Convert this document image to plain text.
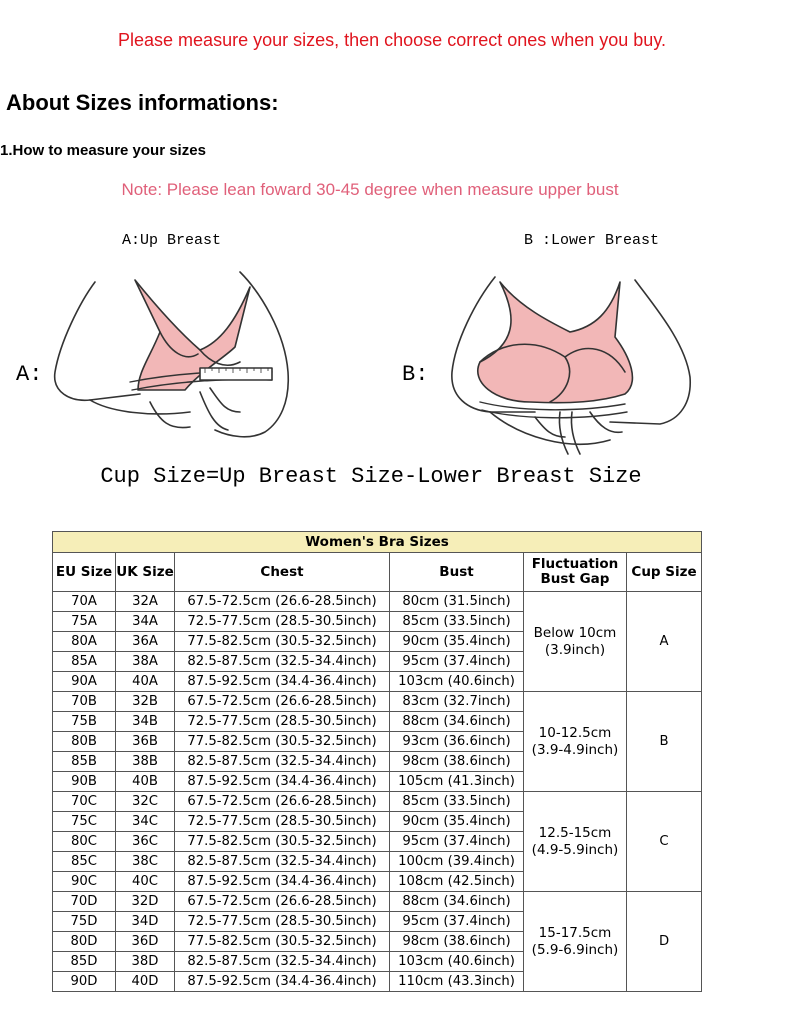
Please measure your sizes, then choose correct ones when you buy.
About Sizes informations:
1.How to measure your sizes
Note: Please lean foward 30-45 degree when measure upper bust
A:Up Breast	B :Lower Breast
A:	B:
Cup Size=Up Breast Size-Lower Breast Size
Women's Bra Sizes					
EU Size	UK Size	Chest	Bust	Fluctuation Bust Gap	Cup Size
70A	32A	67.5-72.5cm (26.6-28.5inch)	80cm (31.5inch)	Below 10cm (3.9inch)	A
75A	34A	72.5-77.5cm (28.5-30.5inch)	85cm (33.5inch)		
80A	36A	77.5-82.5cm (30.5-32.5inch)	90cm (35.4inch)		
85A	38A	82.5-87.5cm (32.5-34.4inch)	95cm (37.4inch)		
90A	40A	87.5-92.5cm (34.4-36.4inch)	103cm (40.6inch)		
70B	32B	67.5-72.5cm (26.6-28.5inch)	83cm (32.7inch)	10-12.5cm (3.9-4.9inch)	B
75B	34B	72.5-77.5cm (28.5-30.5inch)	88cm (34.6inch)		
80B	36B	77.5-82.5cm (30.5-32.5inch)	93cm (36.6inch)		
85B	38B	82.5-87.5cm (32.5-34.4inch)	98cm (38.6inch)		
90B	40B	87.5-92.5cm (34.4-36.4inch)	105cm (41.3inch)		
70C	32C	67.5-72.5cm (26.6-28.5inch)	85cm (33.5inch)	12.5-15cm (4.9-5.9inch)	C
75C	34C	72.5-77.5cm (28.5-30.5inch)	90cm (35.4inch)		
80C	36C	77.5-82.5cm (30.5-32.5inch)	95cm (37.4inch)		
85C	38C	82.5-87.5cm (32.5-34.4inch)	100cm (39.4inch)		
90C	40C	87.5-92.5cm (34.4-36.4inch)	108cm (42.5inch)		
70D	32D	67.5-72.5cm (26.6-28.5inch)	88cm (34.6inch)	15-17.5cm (5.9-6.9inch)	D
75D	34D	72.5-77.5cm (28.5-30.5inch)	95cm (37.4inch)		
80D	36D	77.5-82.5cm (30.5-32.5inch)	98cm (38.6inch)		
85D	38D	82.5-87.5cm (32.5-34.4inch)	103cm (40.6inch)		
90D	40D	87.5-92.5cm (34.4-36.4inch)	110cm (43.3inch)		
